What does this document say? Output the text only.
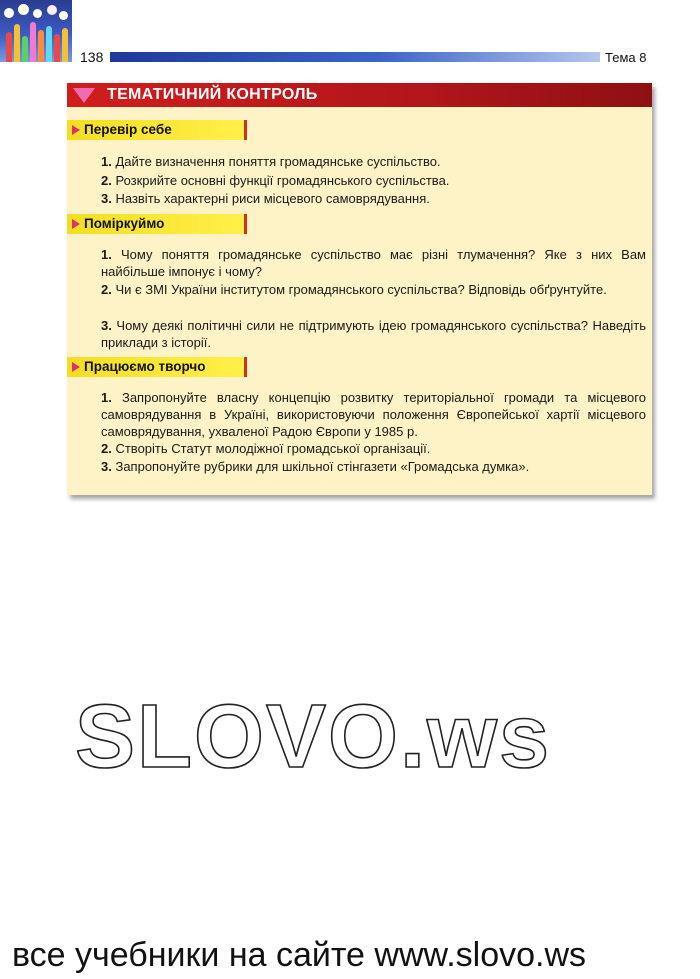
138	Тема 8
ТЕМАТИЧНИЙ КОНТРОЛЬ
Перевір себе
1. Дайте визначення поняття громадянське суспільство.
2. Розкрийте основні функції громадянського суспільства.
3. Назвіть характерні риси місцевого самоврядування.
Поміркуймо
1. Чому поняття громадянське суспільство має різні тлумачення? Яке з них Вам найбільше імпонує і чому?
2. Чи є ЗМІ України інститутом громадянського суспільства? Відповідь обґрунтуйте.
3. Чому деякі політичні сили не підтримують ідею громадянського суспільства? Наведіть приклади з історії.
Працюємо творчо
1. Запропонуйте власну концепцію розвитку територіальної громади та місцевого самоврядування в Україні, використовуючи положення Європейської хартії місцевого самоврядування, ухваленої Радою Європи у 1985 р.
2. Створіть Статут молодіжної громадської організації.
3. Запропонуйте рубрики для шкільної стінгазети «Громадська думка».
SLOVO.ws
все учебники на сайте www.slovo.ws
